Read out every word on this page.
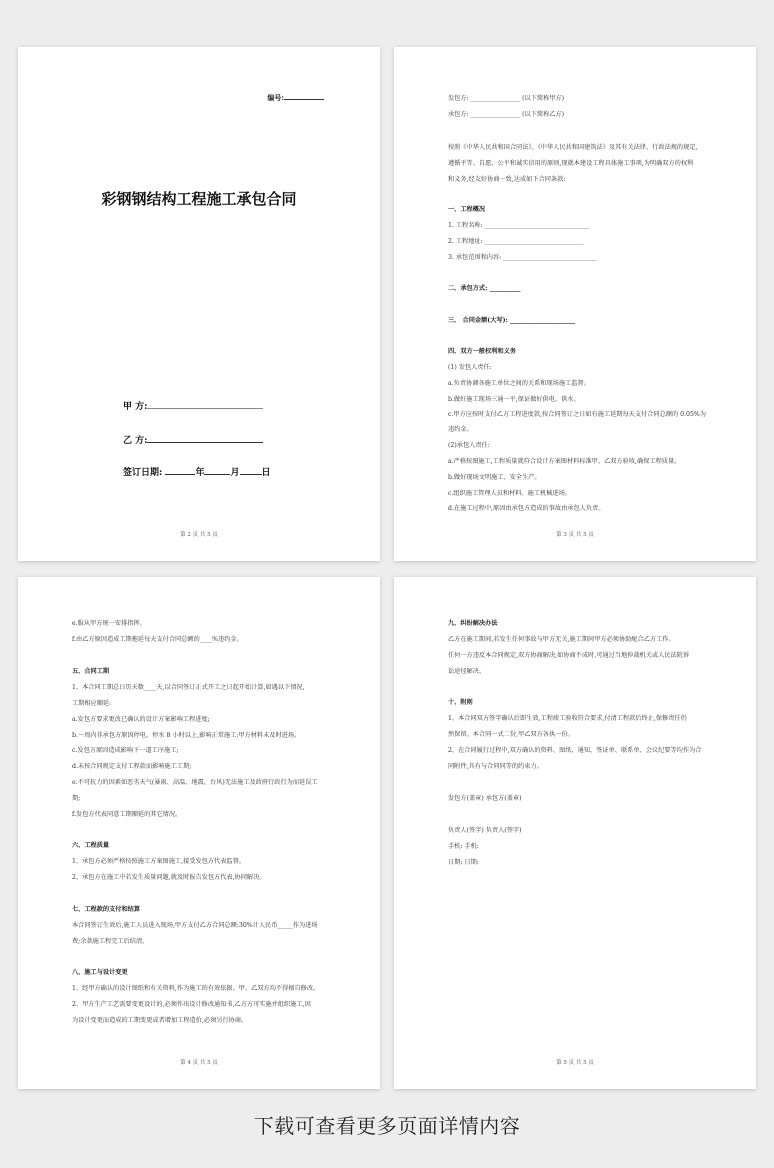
编号:
彩钢钢结构工程施工承包合同
甲 方:
乙 方:
签订日期:	年	月 日
第 2 页 共 5 页
发包方: ________________ (以下简称甲方)
承包方: ________________ (以下简称乙方)
按照《中华人民共和国合同法》、《中华人民共和国建筑法》及其有关法律、行政法规的规定,
遵循平等、自愿、公平和诚实信用的原则,现就本建设工程具体施工事项,为明确双方的权利
和义务,经友好协商一致,达成如下合同条款:
一、工程概况
1. 工程名称: __________________________________
2. 工程地址: ________________________________
3. 承包范围和内容: ______________________________
二、承包方式: __________
三、 合同金额(大写): _____________________
四、双方一般权利和义务
(1) 发包人责任:
a.负责协调各施工单位之间的关系和现场施工监督。
b.做好施工现场三通一平,保证做好供电、供水。
c.甲方应按时支付乙方工程进度款,按合同签订之日如有施工延期每天支付合同总额的 0.05%为
违约金。
(2)承包人责任:
a.严格按图施工,工程质量就符合设计方案图材料标准甲、乙双方验收,确保工程质量。
b.做好现场文明施工、安全生产。
c.组织施工管理人员和材料、施工机械进场。
d.在施工过程中,原因由承包方造成的事故由承包人负责。
第 3 页 共 5 页
e.服从甲方统一安排指挥。
f.由乙方原因造成工期拖延每天支付合同总额的____%违约金。
五、合同工期
1、本合同工期总日历天数____天,以合同签订正式开工之日起开始计算,如遇以下情况,
工期相应顺延:
a.发包方要求更改已确认的设计方案影响工程进度;
b.一周内非承包方原因停电、停水 8 小时以上,影响正常施工;甲方材料未及时进场。
c.发包方原因造成影响下一道工序施工;
d.未按合同规定支付工程款而影响施工工期;
e.不可抗力的因素如恶劣天气(暴雨、高温、地震、台风)无法施工及政府行政行为而延误工
期;
f.发包方代表同意工期顺延的其它情况。
六、工程质量
1、承包方必须严格按照施工方案图施工,接受发包方代表监督。
2、承包方在施工中若发生质量问题,就及时报告发包方代表,协同解决。
七、工程款的支付和结算
本合同签订生效后,施工人员进入现场,甲方支付乙方合同总额:30%计人民币_____作为进场
费;余款施工程完工后结清。
八、施工与设计变更
1、经甲方确认的设计图纸和有关资料,作为施工的有效依据。甲、乙双方均不得擅自修改。
2、甲方生产工艺需要变更设计的,必须作出设计修改通知书,乙方方可实施并组织施工,因
为设计变更而造成的工期变更或者增加工程造价,必须另行协商。
第 4 页 共 5 页
九、纠纷解决办法
乙方在施工期间,若发生任何事故与甲方无关,施工期间甲方必须协助配合乙方工作。
任何一方违反本合同规定,双方协商解决,如协商不成时,可通过当地仲裁机关或人民法院诉
讼途径解决。
十、附则
1、本合同双方签字确认后即生效,工程竣工验收符合要求,付清工程款后终止,保修责任仍
然保留。本合同一式二份,甲乙双方各执一份。
2、在合同履行过程中,双方确认的资料、图纸、通知、签证单、联系单、会议纪要等均作为合
同附件,具有与合同同等的约束力。
发包方(盖章) 承包方(盖章)
负责人(签字) 负责人(签字)
手机: 手机:
日期: 日期:
第 5 页 共 5 页
下载可查看更多页面详情内容
